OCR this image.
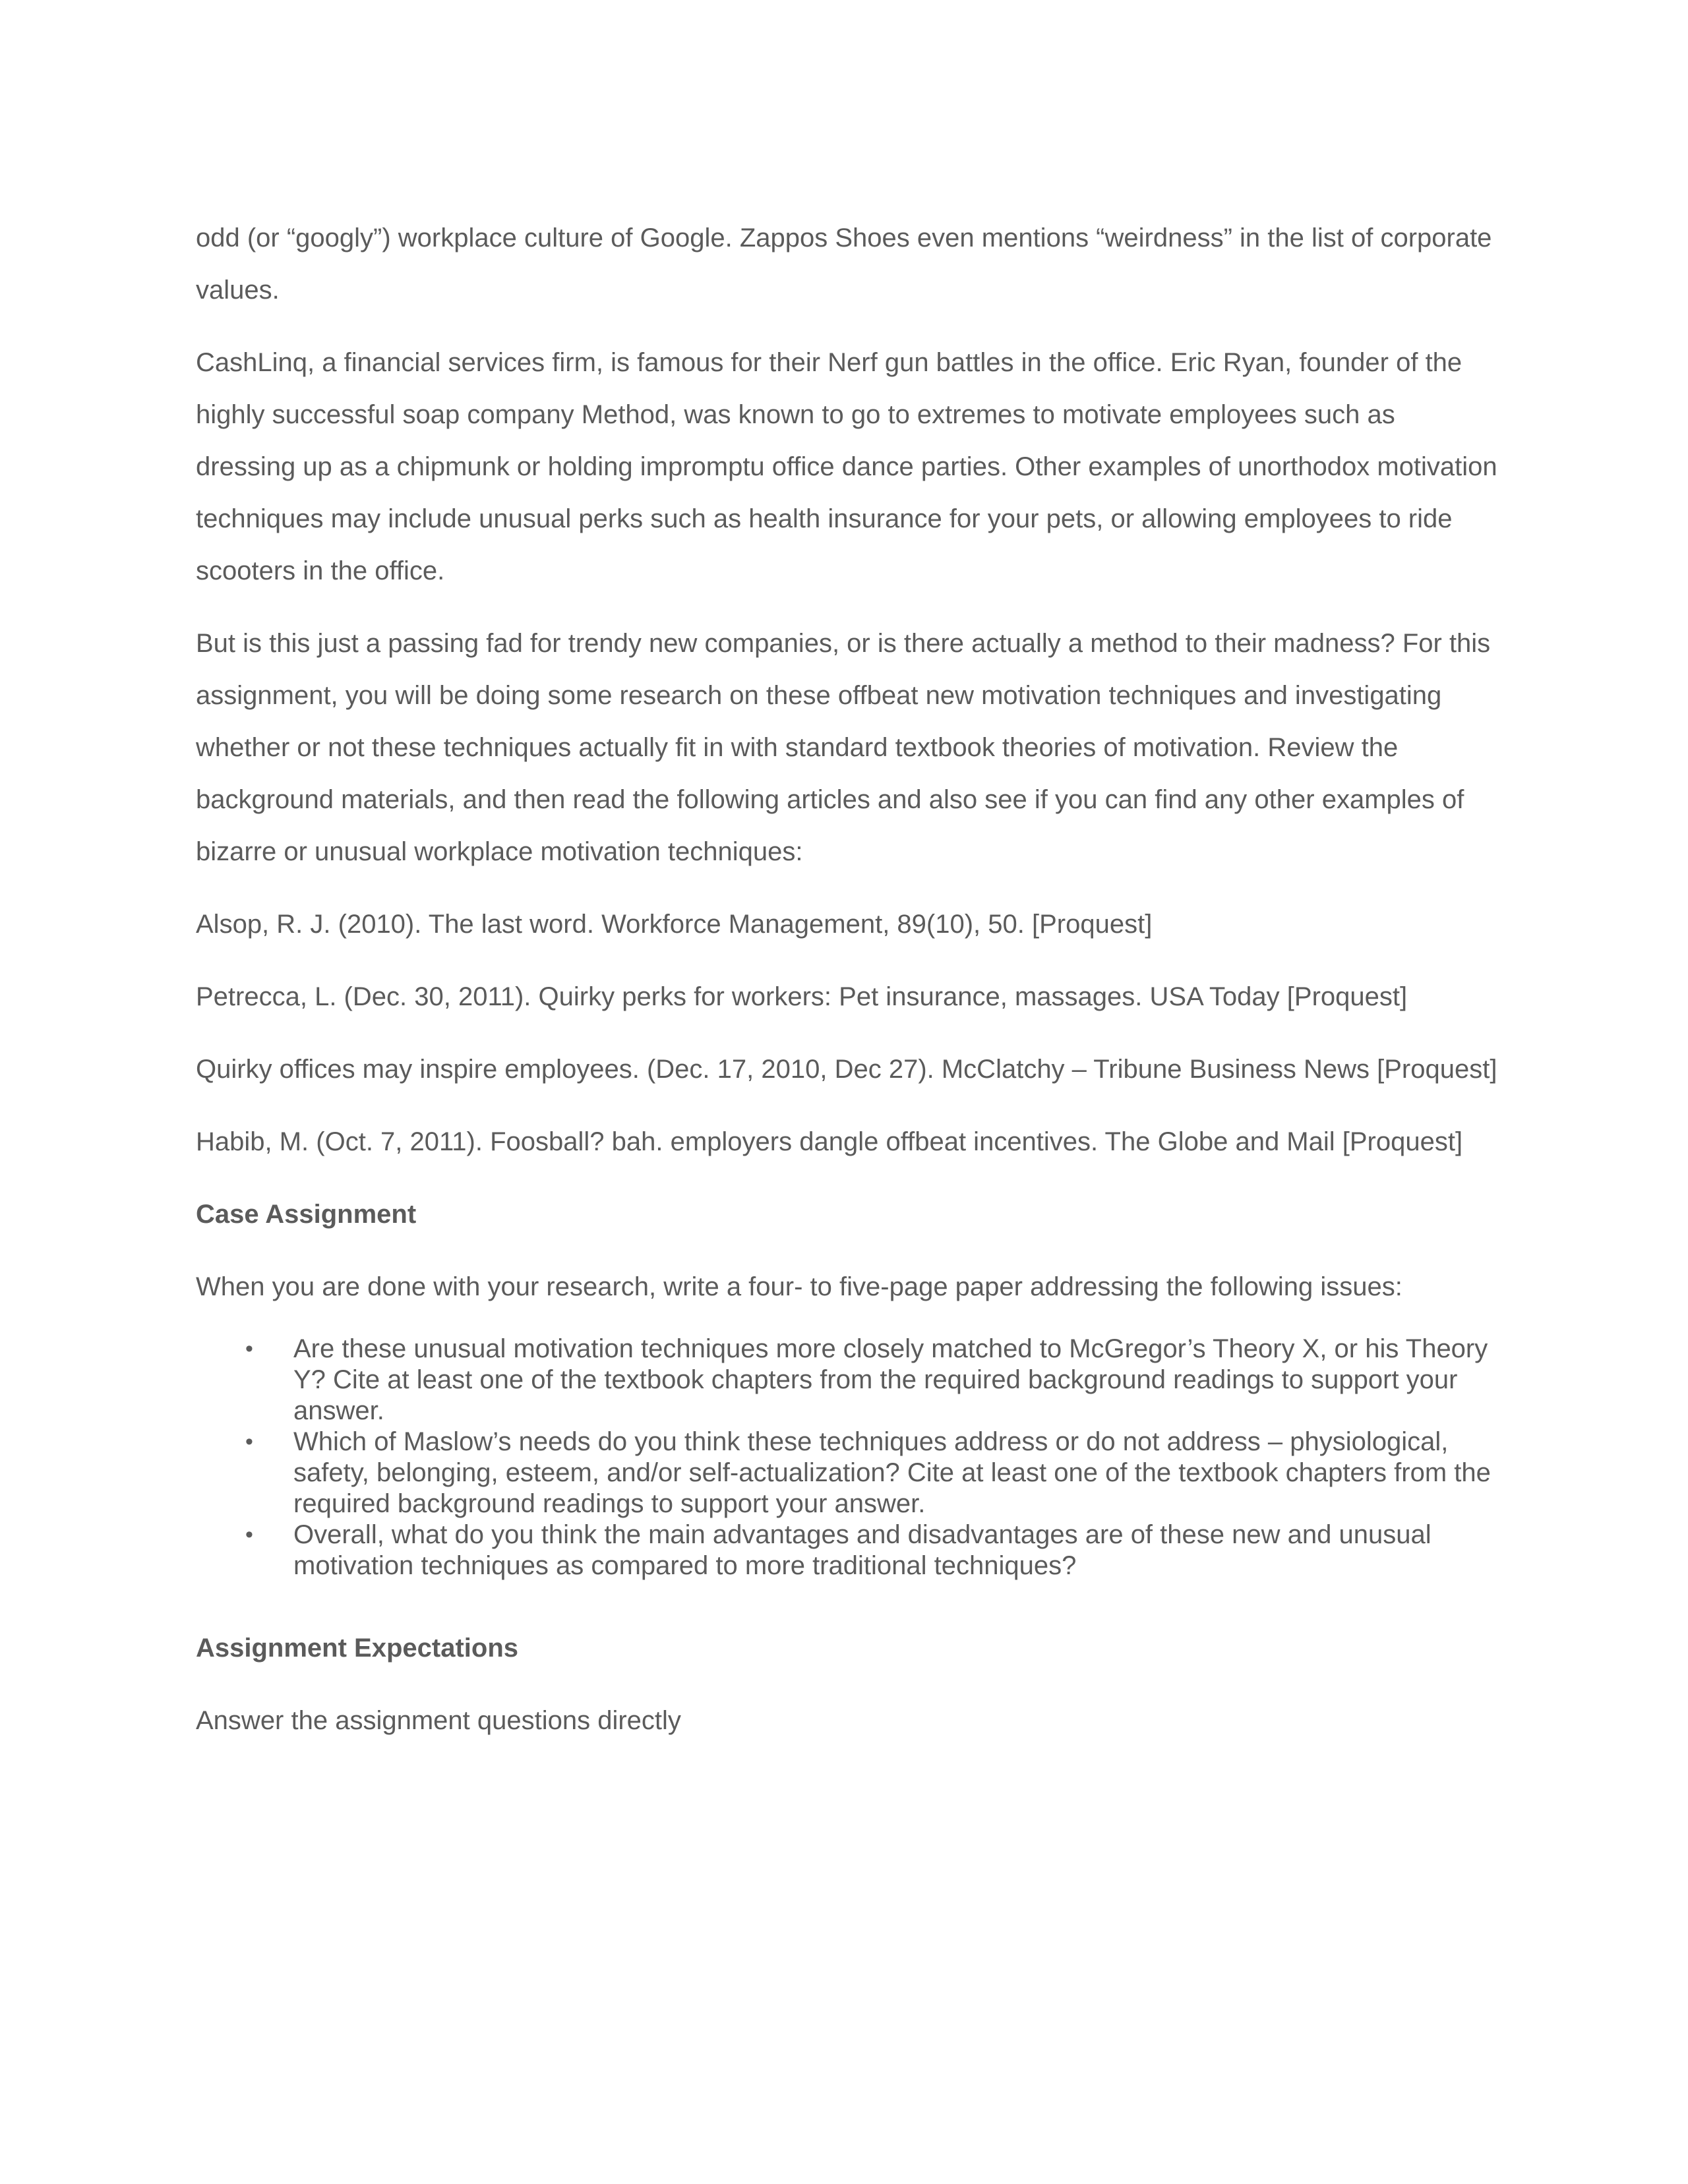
odd (or “googly”) workplace culture of Google. Zappos Shoes even mentions “weirdness” in the list of corporate values.

CashLinq, a financial services firm, is famous for their Nerf gun battles in the office. Eric Ryan, founder of the highly successful soap company Method, was known to go to extremes to motivate employees such as dressing up as a chipmunk or holding impromptu office dance parties. Other examples of unorthodox motivation techniques may include unusual perks such as health insurance for your pets, or allowing employees to ride scooters in the office.

But is this just a passing fad for trendy new companies, or is there actually a method to their madness? For this assignment, you will be doing some research on these offbeat new motivation techniques and investigating whether or not these techniques actually fit in with standard textbook theories of motivation. Review the background materials, and then read the following articles and also see if you can find any other examples of bizarre or unusual workplace motivation techniques:

Alsop, R. J. (2010). The last word. Workforce Management, 89(10), 50. [Proquest]

Petrecca, L. (Dec. 30, 2011). Quirky perks for workers: Pet insurance, massages. USA Today [Proquest]

Quirky offices may inspire employees. (Dec. 17, 2010, Dec 27). McClatchy – Tribune Business News [Proquest]

Habib, M. (Oct. 7, 2011). Foosball? bah. employers dangle offbeat incentives. The Globe and Mail [Proquest]

Case Assignment

When you are done with your research, write a four- to five-page paper addressing the following issues:

• Are these unusual motivation techniques more closely matched to McGregor’s Theory X, or his Theory Y? Cite at least one of the textbook chapters from the required background readings to support your answer.
• Which of Maslow’s needs do you think these techniques address or do not address – physiological, safety, belonging, esteem, and/or self-actualization? Cite at least one of the textbook chapters from the required background readings to support your answer.
• Overall, what do you think the main advantages and disadvantages are of these new and unusual motivation techniques as compared to more traditional techniques?

Assignment Expectations

Answer the assignment questions directly
